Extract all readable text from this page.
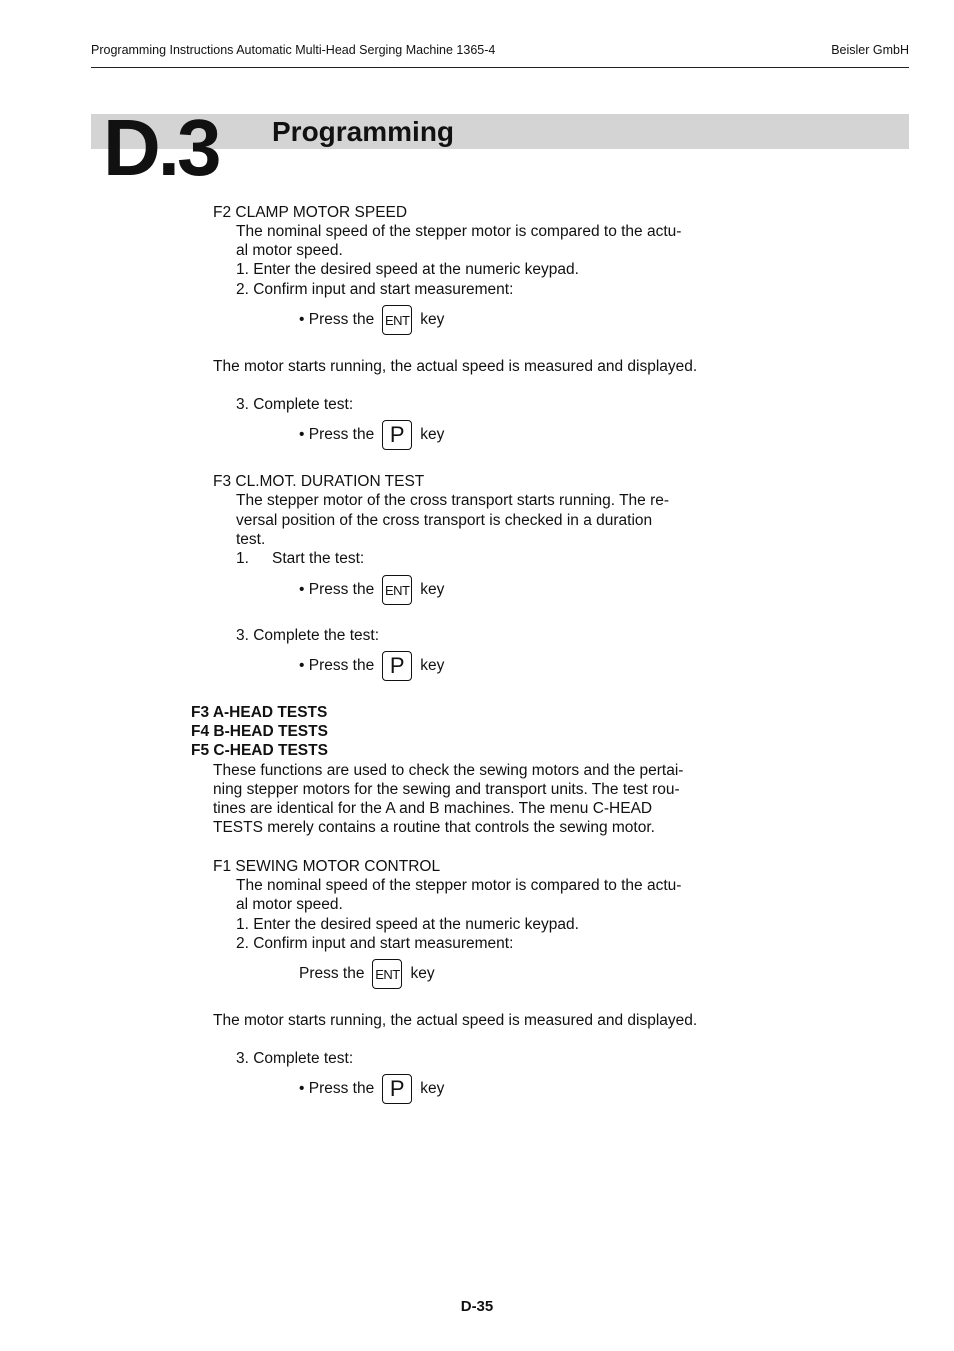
Programming Instructions Automatic Multi-Head Serging Machine 1365-4	Beisler GmbH
D.3 Programming
F2 CLAMP MOTOR SPEED
The nominal speed of the stepper motor is compared to the actu-
al motor speed.
1. Enter the desired speed at the numeric keypad.
2. Confirm input and start measurement:
• Press the ENT key
The motor starts running, the actual speed is measured and displayed.
3. Complete test:
• Press the P	key
F3 CL.MOT. DURATION TEST
The stepper motor of the cross transport starts running. The re-
versal position of the cross transport is checked in a duration
test.
1. Start the test:
• Press the ENT key
3. Complete the test:
• Press the P	key
F3 A-HEAD TESTS
F4 B-HEAD TESTS
F5 C-HEAD TESTS
These functions are used to check the sewing motors and the pertai-
ning stepper motors for the sewing and transport units. The test rou-
tines are identical for the A and B machines. The menu C-HEAD
TESTS merely contains a routine that controls the sewing motor.
F1 SEWING MOTOR CONTROL
The nominal speed of the stepper motor is compared to the actu-
al motor speed.
1. Enter the desired speed at the numeric keypad.
2. Confirm input and start measurement:
Press the ENT key
The motor starts running, the actual speed is measured and displayed.
3. Complete test:
• Press the P	key
D-35
